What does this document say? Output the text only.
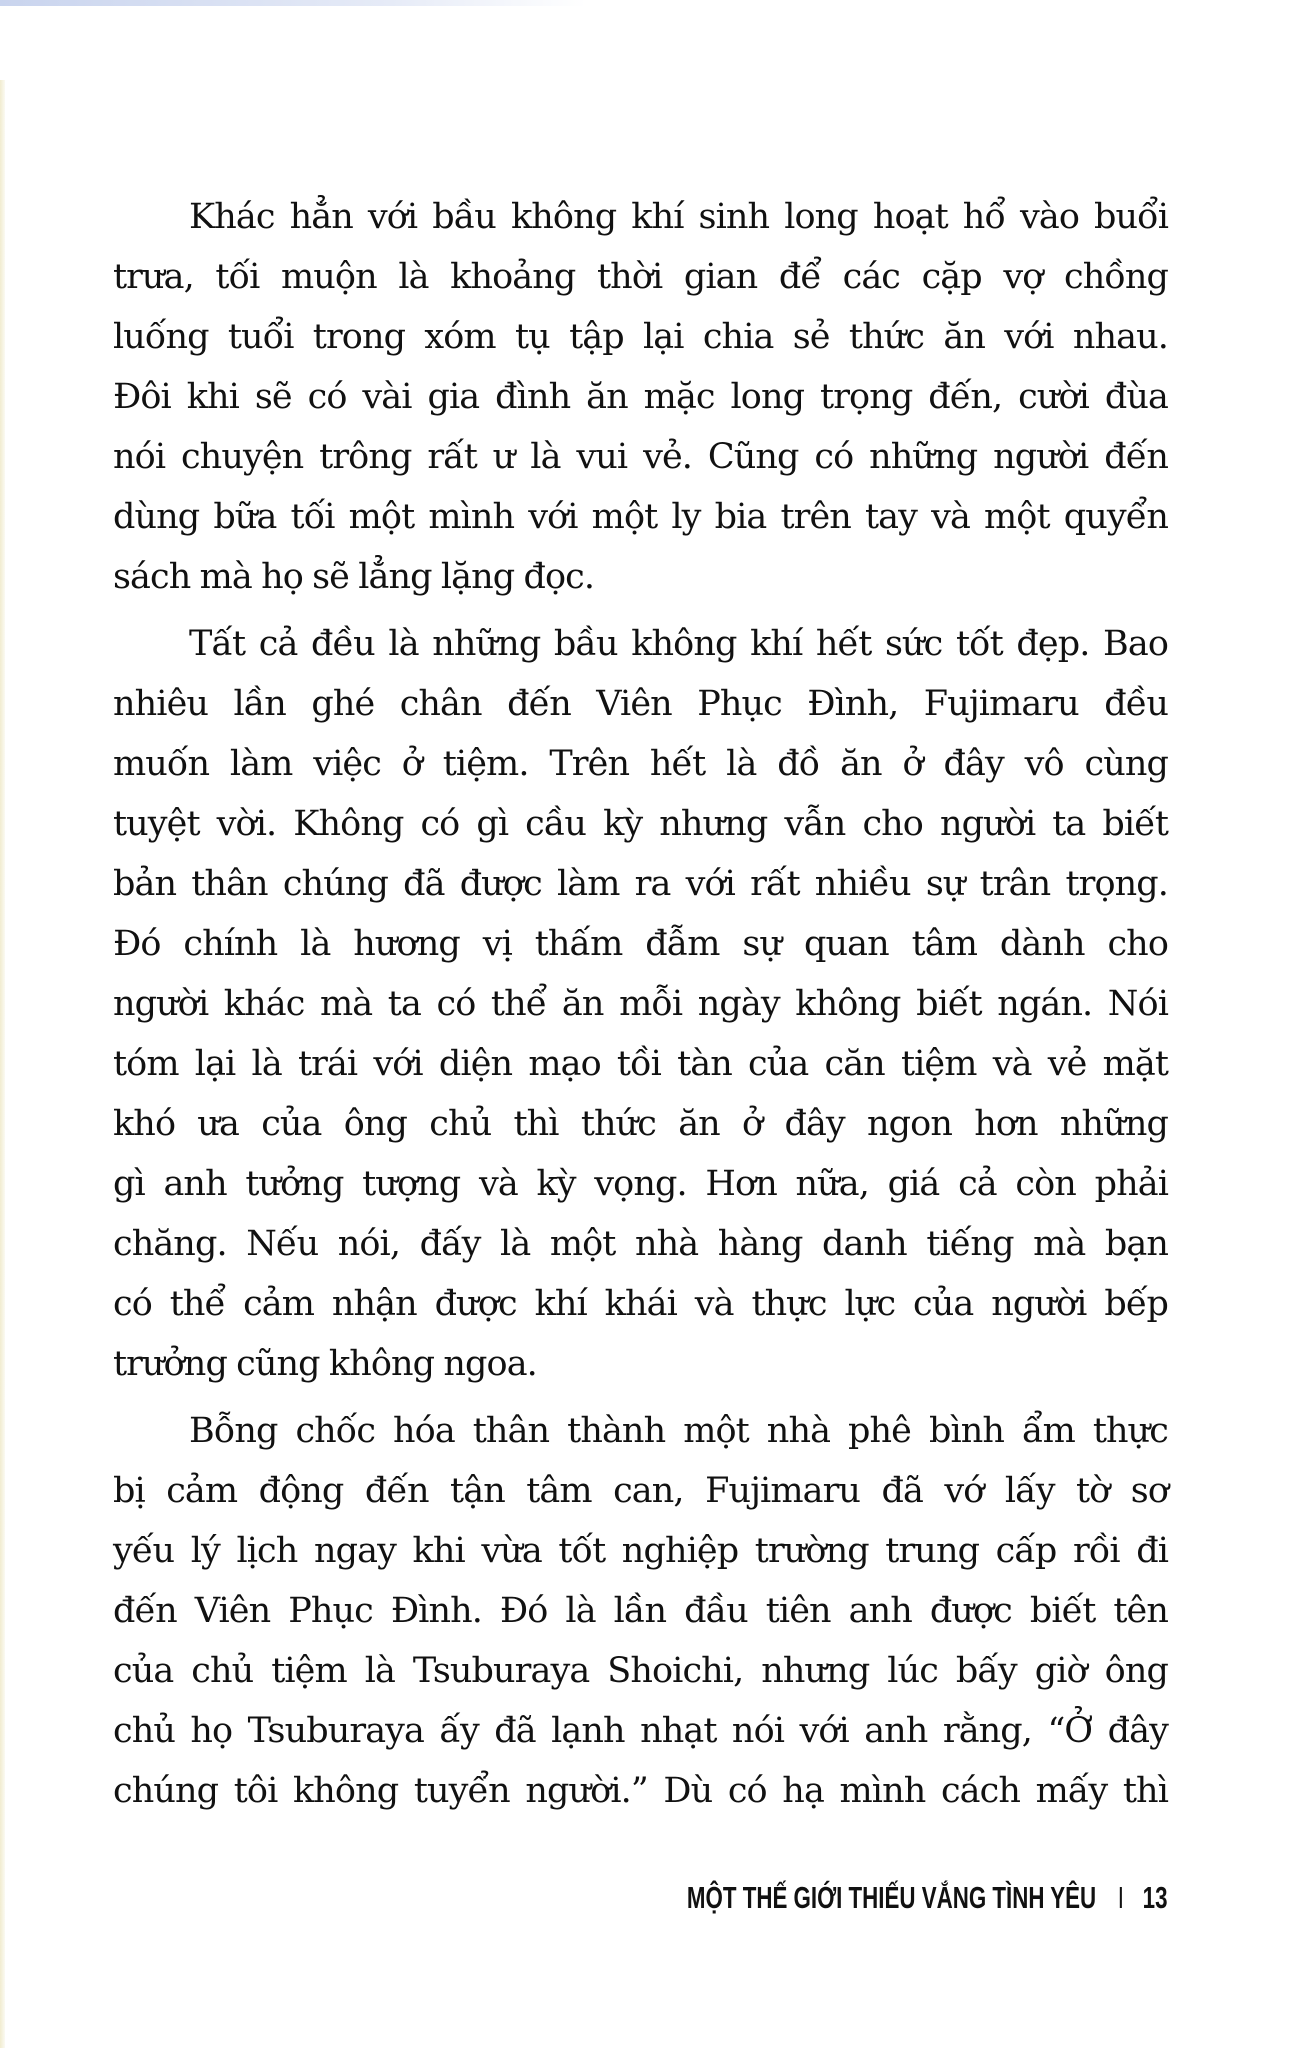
Khác hẳn với bầu không khí sinh long hoạt hổ vào buổi
trưa, tối muộn là khoảng thời gian để các cặp vợ chồng
luống tuổi trong xóm tụ tập lại chia sẻ thức ăn với nhau.
Đôi khi sẽ có vài gia đình ăn mặc long trọng đến, cười đùa
nói chuyện trông rất ư là vui vẻ. Cũng có những người đến
dùng bữa tối một mình với một ly bia trên tay và một quyển
sách mà họ sẽ lẳng lặng đọc.
Tất cả đều là những bầu không khí hết sức tốt đẹp. Bao
nhiêu lần ghé chân đến Viên Phục Đình, Fujimaru đều
muốn làm việc ở tiệm. Trên hết là đồ ăn ở đây vô cùng
tuyệt vời. Không có gì cầu kỳ nhưng vẫn cho người ta biết
bản thân chúng đã được làm ra với rất nhiều sự trân trọng.
Đó chính là hương vị thấm đẫm sự quan tâm dành cho
người khác mà ta có thể ăn mỗi ngày không biết ngán. Nói
tóm lại là trái với diện mạo tồi tàn của căn tiệm và vẻ mặt
khó ưa của ông chủ thì thức ăn ở đây ngon hơn những
gì anh tưởng tượng và kỳ vọng. Hơn nữa, giá cả còn phải
chăng. Nếu nói, đấy là một nhà hàng danh tiếng mà bạn
có thể cảm nhận được khí khái và thực lực của người bếp
trưởng cũng không ngoa.
Bỗng chốc hóa thân thành một nhà phê bình ẩm thực
bị cảm động đến tận tâm can, Fujimaru đã vớ lấy tờ sơ
yếu lý lịch ngay khi vừa tốt nghiệp trường trung cấp rồi đi
đến Viên Phục Đình. Đó là lần đầu tiên anh được biết tên
của chủ tiệm là Tsuburaya Shoichi, nhưng lúc bấy giờ ông
chủ họ Tsuburaya ấy đã lạnh nhạt nói với anh rằng, “Ở đây
chúng tôi không tuyển người.” Dù có hạ mình cách mấy thì
MỘT THẾ GIỚI THIẾU VẮNG TÌNH YÊU I 13
